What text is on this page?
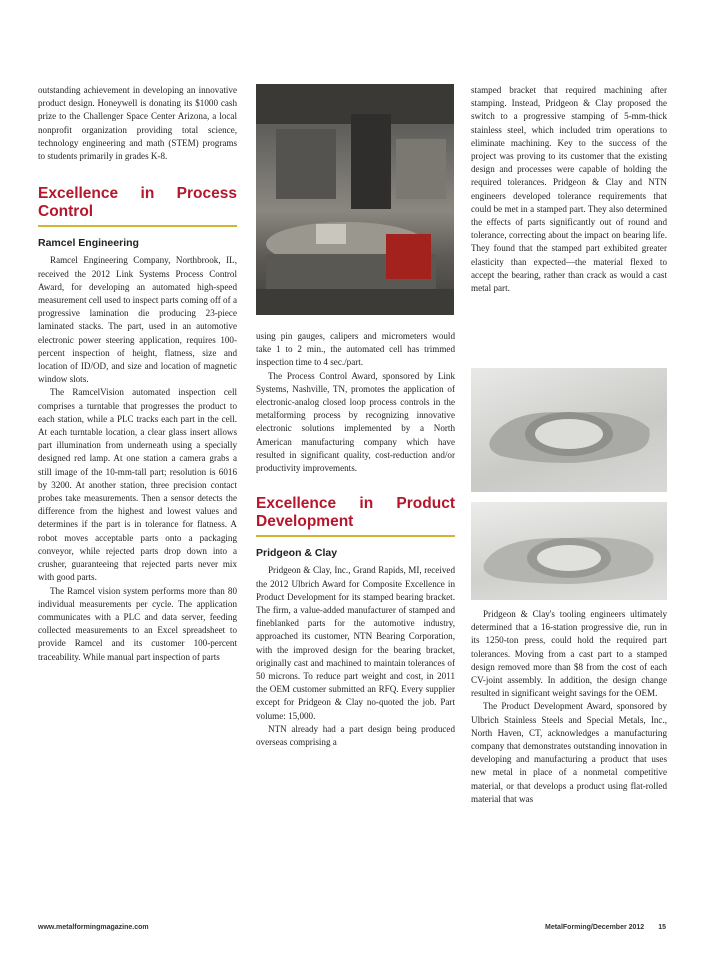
outstanding achievement in developing an innovative product design. Honeywell is donating its $1000 cash prize to the Challenger Space Center Arizona, a local nonprofit organization providing total science, technology engineering and math (STEM) programs to students primarily in grades K-8.

Excellence in Process Control
Ramcel Engineering

Ramcel Engineering Company, Northbrook, IL, received the 2012 Link Systems Process Control Award, for developing an automated high-speed measurement cell used to inspect parts coming off of a progressive lamination die producing 23-piece laminated stacks. The part, used in an automotive electronic power steering application, requires 100-percent inspection of height, flatness, size and location of ID/OD, and size and location of magnetic window slots.

The RamcelVision automated inspection cell comprises a turntable that progresses the product to each station, while a PLC tracks each part in the cell. At each turntable location, a clear glass insert allows part illumination from underneath using a specially designed red lamp. At one station a camera grabs a still image of the 10-mm-tall part; resolution is 6016 by 3200. At another station, three precision contact probes take measurements. Then a sensor detects the difference from the highest and lowest values and determines if the part is in tolerance for flatness. A robot moves acceptable parts onto a packaging conveyor, while rejected parts drop down into a crusher, guaranteeing that rejected parts never mix with good parts.

The Ramcel vision system performs more than 80 individual measurements per cycle. The application communicates with a PLC and data server, feeding collected measurements to an Excel spreadsheet to provide Ramcel and its customer 100-percent traceability. While manual part inspection of parts

using pin gauges, calipers and micrometers would take 1 to 2 min., the automated cell has trimmed inspection time to 4 sec./part.

The Process Control Award, sponsored by Link Systems, Nashville, TN, promotes the application of electronic-analog closed loop process controls in the metalforming process by recognizing innovative electronic solutions implemented by a North American manufacturing company which have resulted in significant quality, cost-reduction and/or productivity improvements.

Excellence in Product Development
Pridgeon & Clay

Pridgeon & Clay, Inc., Grand Rapids, MI, received the 2012 Ulbrich Award for Composite Excellence in Product Development for its stamped bearing bracket. The firm, a value-added manufacturer of stamped and fineblanked parts for the automotive industry, approached its customer, NTN Bearing Corporation, with the improved design for the bearing bracket, originally cast and machined to maintain tolerances of 50 microns. To reduce part weight and cost, in 2011 the OEM customer submitted an RFQ. Every supplier except for Pridgeon & Clay no-quoted the job. Part volume: 15,000.

NTN already had a part design being produced overseas comprising a

stamped bracket that required machining after stamping. Instead, Pridgeon & Clay proposed the switch to a progressive stamping of 5-mm-thick stainless steel, which included trim operations to eliminate machining. Key to the success of the project was proving to its customer that the existing design and processes were capable of holding the required tolerances. Pridgeon & Clay and NTN engineers developed tolerance requirements that could be met in a stamped part. They also determined the effects of parts significantly out of round and tolerance, correcting about the impact on bearing life. They found that the stamped part exhibited greater elasticity than expected—the material flexed to accept the bearing, rather than crack as would a cast metal part.

Pridgeon & Clay's tooling engineers ultimately determined that a 16-station progressive die, run in its 1250-ton press, could hold the required part tolerances. Moving from a cast part to a stamped design removed more than $8 from the cost of each CV-joint assembly. In addition, the design change resulted in significant weight savings for the OEM.

The Product Development Award, sponsored by Ulbrich Stainless Steels and Special Metals, Inc., North Haven, CT, acknowledges a manufacturing company that demonstrates outstanding innovation in developing and manufacturing a product that uses new metal in place of a nonmetal competitive material, or that develops a product using flat-rolled material that was

www.metalformingmagazine.com	MetalForming/December 2012 15
